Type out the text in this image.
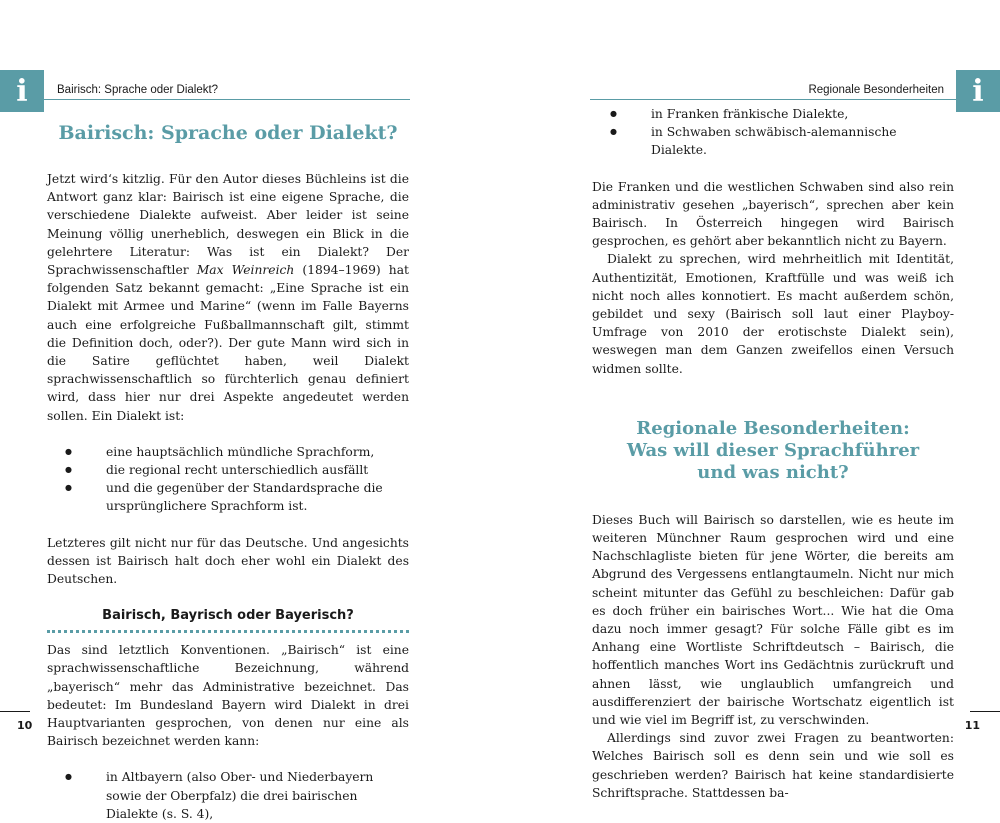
i	Bairisch: Sprache oder Dialekt?	i
Regionale Besonderheiten
Bairisch: Sprache oder Dialekt?

Jetzt wird‘s kitzlig. Für den Autor dieses Büchleins ist die Antwort ganz klar: Bairisch ist eine eigene Sprache, die verschiedene Dialekte aufweist. Aber leider ist seine Meinung völlig unerheblich, deswegen ein Blick in die gelehrtere Literatur: Was ist ein Dialekt? Der Sprachwissenschaftler Max Weinreich (1894–1969) hat folgenden Satz bekannt gemacht: „Eine Sprache ist ein Dialekt mit Armee und Marine“ (wenn im Falle Bayerns auch eine erfolgreiche Fußballmannschaft gilt, stimmt die Definition doch, oder?). Der gute Mann wird sich in die Satire geflüchtet haben, weil Dialekt sprachwissenschaftlich so fürchterlich genau definiert wird, dass hier nur drei Aspekte angedeutet werden sollen. Ein Dialekt ist:

● eine hauptsächlich mündliche Sprachform,
● die regional recht unterschiedlich ausfällt
● und die gegenüber der Standardsprache die ursprünglichere Sprachform ist.

Letzteres gilt nicht nur für das Deutsche. Und angesichts dessen ist Bairisch halt doch eher wohl ein Dialekt des Deutschen.

Bairisch, Bayrisch oder Bayerisch?

Das sind letztlich Konventionen. „Bairisch“ ist eine sprachwissenschaftliche Bezeichnung, während „bayerisch“ mehr das Administrative bezeichnet. Das bedeutet: Im Bundesland Bayern wird Dialekt in drei Hauptvarianten gesprochen, von denen nur eine als Bairisch bezeichnet werden kann:

● in Altbayern (also Ober- und Niederbayern sowie der Oberpfalz) die drei bairischen Dialekte (s. S. 4),
● in Franken fränkische Dialekte,
● in Schwaben schwäbisch-alemannische Dialekte.

Die Franken und die westlichen Schwaben sind also rein administrativ gesehen „bayerisch“, sprechen aber kein Bairisch. In Österreich hingegen wird Bairisch gesprochen, es gehört aber bekanntlich nicht zu Bayern.

Dialekt zu sprechen, wird mehrheitlich mit Identität, Authentizität, Emotionen, Kraftfülle und was weiß ich nicht noch alles konnotiert. Es macht außerdem schön, gebildet und sexy (Bairisch soll laut einer Playboy-Umfrage von 2010 der erotischste Dialekt sein), weswegen man dem Ganzen zweifellos einen Versuch widmen sollte.

Regionale Besonderheiten:
Was will dieser Sprachführer
und was nicht?

Dieses Buch will Bairisch so darstellen, wie es heute im weiteren Münchner Raum gesprochen wird und eine Nachschlagliste bieten für jene Wörter, die bereits am Abgrund des Vergessens entlangtaumeln. Nicht nur mich scheint mitunter das Gefühl zu beschleichen: Dafür gab es doch früher ein bairisches Wort... Wie hat die Oma dazu noch immer gesagt? Für solche Fälle gibt es im Anhang eine Wortliste Schriftdeutsch – Bairisch, die hoffentlich manches Wort ins Gedächtnis zurückruft und ahnen lässt, wie unglaublich umfangreich und ausdifferenziert der bairische Wortschatz eigentlich ist und wie viel im Begriff ist, zu verschwinden.

Allerdings sind zuvor zwei Fragen zu beantworten: Welches Bairisch soll es denn sein und wie soll es geschrieben werden? Bairisch hat keine standardisierte Schriftsprache. Stattdessen ba-

10	11
